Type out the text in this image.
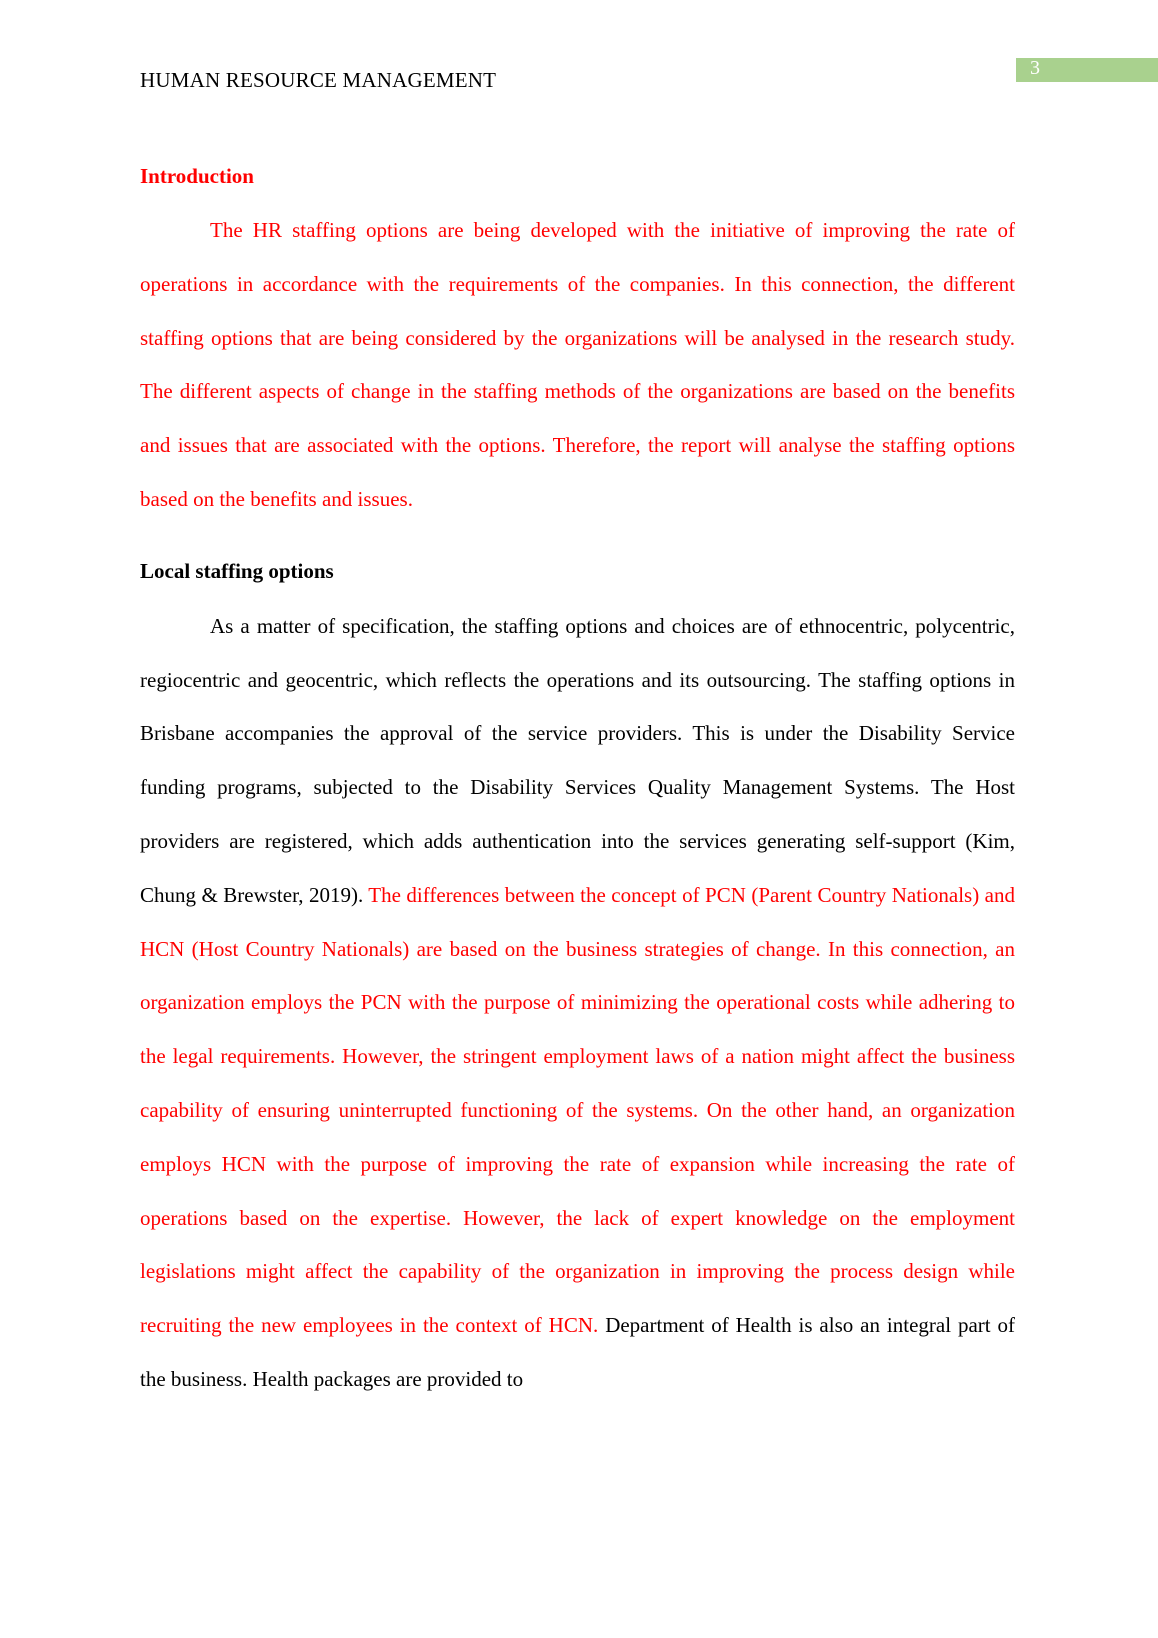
HUMAN RESOURCE MANAGEMENT	3
Introduction

The HR staffing options are being developed with the initiative of improving the rate of operations in accordance with the requirements of the companies. In this connection, the different staffing options that are being considered by the organizations will be analysed in the research study. The different aspects of change in the staffing methods of the organizations are based on the benefits and issues that are associated with the options. Therefore, the report will analyse the staffing options based on the benefits and issues.

Local staffing options

As a matter of specification, the staffing options and choices are of ethnocentric, polycentric, regiocentric and geocentric, which reflects the operations and its outsourcing. The staffing options in Brisbane accompanies the approval of the service providers. This is under the Disability Service funding programs, subjected to the Disability Services Quality Management Systems. The Host providers are registered, which adds authentication into the services generating self-support (Kim, Chung & Brewster, 2019). The differences between the concept of PCN (Parent Country Nationals) and HCN (Host Country Nationals) are based on the business strategies of change. In this connection, an organization employs the PCN with the purpose of minimizing the operational costs while adhering to the legal requirements. However, the stringent employment laws of a nation might affect the business capability of ensuring uninterrupted functioning of the systems. On the other hand, an organization employs HCN with the purpose of improving the rate of expansion while increasing the rate of operations based on the expertise. However, the lack of expert knowledge on the employment legislations might affect the capability of the organization in improving the process design while recruiting the new employees in the context of HCN. Department of Health is also an integral part of the business. Health packages are provided to
